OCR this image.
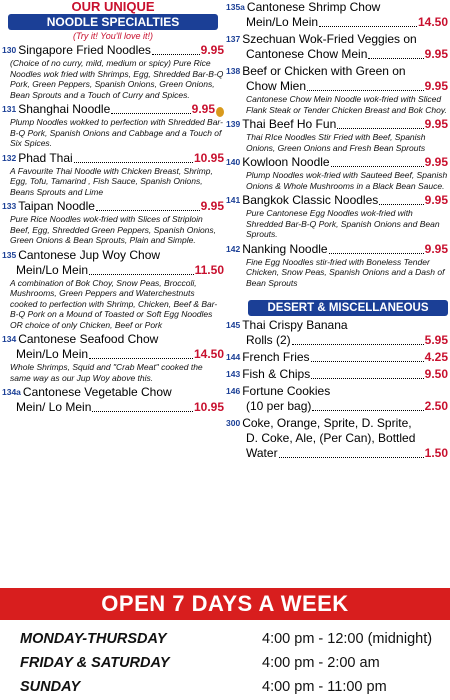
OUR UNIQUE
NOODLE SPECIALTIES
(Try it! You'll love it!)
130 Singapore Fried Noodles	9.95
(Choice of no curry, mild, medium or spicy) Pure Rice Noodles wok fried with Shrimps, Egg, Shredded Bar-B-Q Pork, Green Peppers, Spanish Onions, Green Onions, Bean Sprouts and a Touch of Curry and Spices.
131 Shanghai Noodle	9.95
Plump Noodles wokked to perfection with Shredded Bar-B-Q Pork, Spanish Onions and Cabbage and a Touch of Six Spices.
132 Phad Thai	10.95
A Favourite Thai Noodle with Chicken Breast, Shrimp, Egg, Tofu, Tamarind , Fish Sauce, Spanish Onions, Beans Sprouts and Lime
133 Taipan Noodle	9.95
Pure Rice Noodles wok-fried with Slices of Striploin Beef, Egg, Shredded Green Peppers, Spanish Onions, Green Onions & Bean Sprouts, Plain and Simple.
135 Cantonese Jup Woy Chow
Mein/Lo Mein	11.50
A combination of Bok Choy, Snow Peas, Broccoli, Mushrooms, Green Peppers and Waterchestnuts cooked to perfection with Shrimp, Chicken, Beef & Bar-B-Q Pork on a Mound of Toasted or Soft Egg Noodles OR choice of only Chicken, Beef or Pork
134 Cantonese Seafood Chow
Mein/Lo Mein	14.50
Whole Shrimps, Squid and "Crab Meat" cooked the same way as our Jup Woy above this.
134a Cantonese Vegetable Chow
Mein/ Lo Mein	10.95
135a Cantonese Shrimp Chow
Mein/Lo Mein	14.50
137 Szechuan Wok-Fried Veggies on
Cantonese Chow Mein	9.95
138 Beef or Chicken with Green on
Chow Mien	9.95
Cantonese Chow Mein Noodle wok-fried with Sliced Flank Steak or Tender Chicken Breast and Bok Choy.
139 Thai Beef Ho Fun	9.95
Thai RIce Noodles Stir Fried with Beef, Spanish Onions, Green Onions and Fresh Bean Sprouts
140 Kowloon Noodle	9.95
Plump Noodles wok-fried with Sauteed Beef, Spanish Onions & Whole Mushrooms in a Black Bean Sauce.
141 Bangkok Classic Noodles	9.95
Pure Cantonese Egg Noodles wok-fried with Shredded Bar-B-Q Pork, Spanish Onions and Bean Sprouts.
142 Nanking Noodle	9.95
Fine Egg Noodles stir-fried with Boneless Tender Chicken, Snow Peas, Spanish Onions and a Dash of Bean Sprouts
DESERT & MISCELLANEOUS
145 Thai Crispy Banana
Rolls (2)	5.95
144 French Fries	4.25
143 Fish & Chips	9.50
146 Fortune Cookies
(10 per bag)	2.50
300 Coke, Orange, Sprite, D. Sprite,
D. Coke, Ale, (Per Can), Bottled
Water	1.50
OPEN 7 DAYS A WEEK
MONDAY-THURSDAY	4:00 pm - 12:00 (midnight)
FRIDAY & SATURDAY	4:00 pm - 2:00 am
SUNDAY	4:00 pm - 11:00 pm
